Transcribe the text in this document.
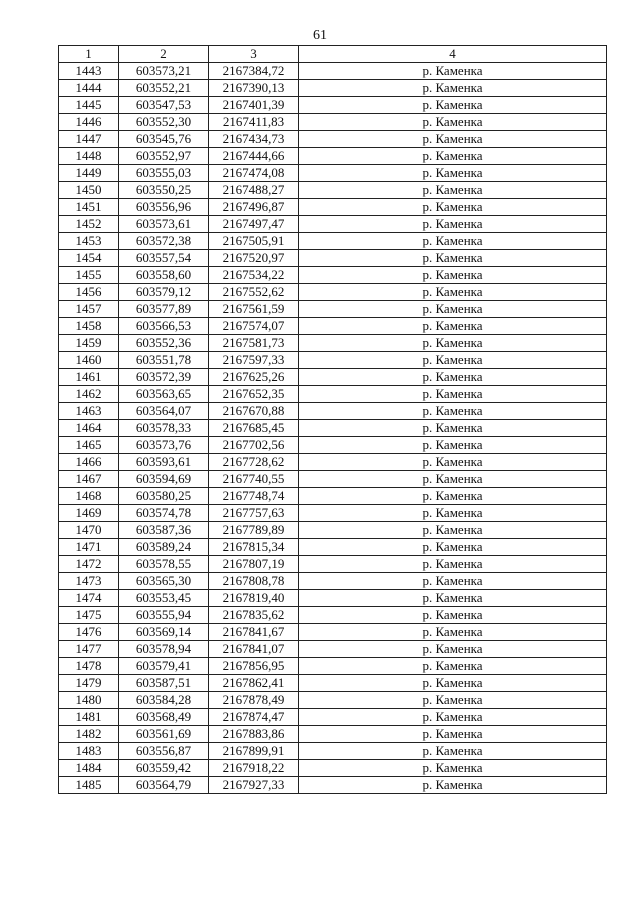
61
1	2	3	4
1443	603573,21	2167384,72	р. Каменка
1444	603552,21	2167390,13	р. Каменка
1445	603547,53	2167401,39	р. Каменка
1446	603552,30	2167411,83	р. Каменка
1447	603545,76	2167434,73	р. Каменка
1448	603552,97	2167444,66	р. Каменка
1449	603555,03	2167474,08	р. Каменка
1450	603550,25	2167488,27	р. Каменка
1451	603556,96	2167496,87	р. Каменка
1452	603573,61	2167497,47	р. Каменка
1453	603572,38	2167505,91	р. Каменка
1454	603557,54	2167520,97	р. Каменка
1455	603558,60	2167534,22	р. Каменка
1456	603579,12	2167552,62	р. Каменка
1457	603577,89	2167561,59	р. Каменка
1458	603566,53	2167574,07	р. Каменка
1459	603552,36	2167581,73	р. Каменка
1460	603551,78	2167597,33	р. Каменка
1461	603572,39	2167625,26	р. Каменка
1462	603563,65	2167652,35	р. Каменка
1463	603564,07	2167670,88	р. Каменка
1464	603578,33	2167685,45	р. Каменка
1465	603573,76	2167702,56	р. Каменка
1466	603593,61	2167728,62	р. Каменка
1467	603594,69	2167740,55	р. Каменка
1468	603580,25	2167748,74	р. Каменка
1469	603574,78	2167757,63	р. Каменка
1470	603587,36	2167789,89	р. Каменка
1471	603589,24	2167815,34	р. Каменка
1472	603578,55	2167807,19	р. Каменка
1473	603565,30	2167808,78	р. Каменка
1474	603553,45	2167819,40	р. Каменка
1475	603555,94	2167835,62	р. Каменка
1476	603569,14	2167841,67	р. Каменка
1477	603578,94	2167841,07	р. Каменка
1478	603579,41	2167856,95	р. Каменка
1479	603587,51	2167862,41	р. Каменка
1480	603584,28	2167878,49	р. Каменка
1481	603568,49	2167874,47	р. Каменка
1482	603561,69	2167883,86	р. Каменка
1483	603556,87	2167899,91	р. Каменка
1484	603559,42	2167918,22	р. Каменка
1485	603564,79	2167927,33	р. Каменка
